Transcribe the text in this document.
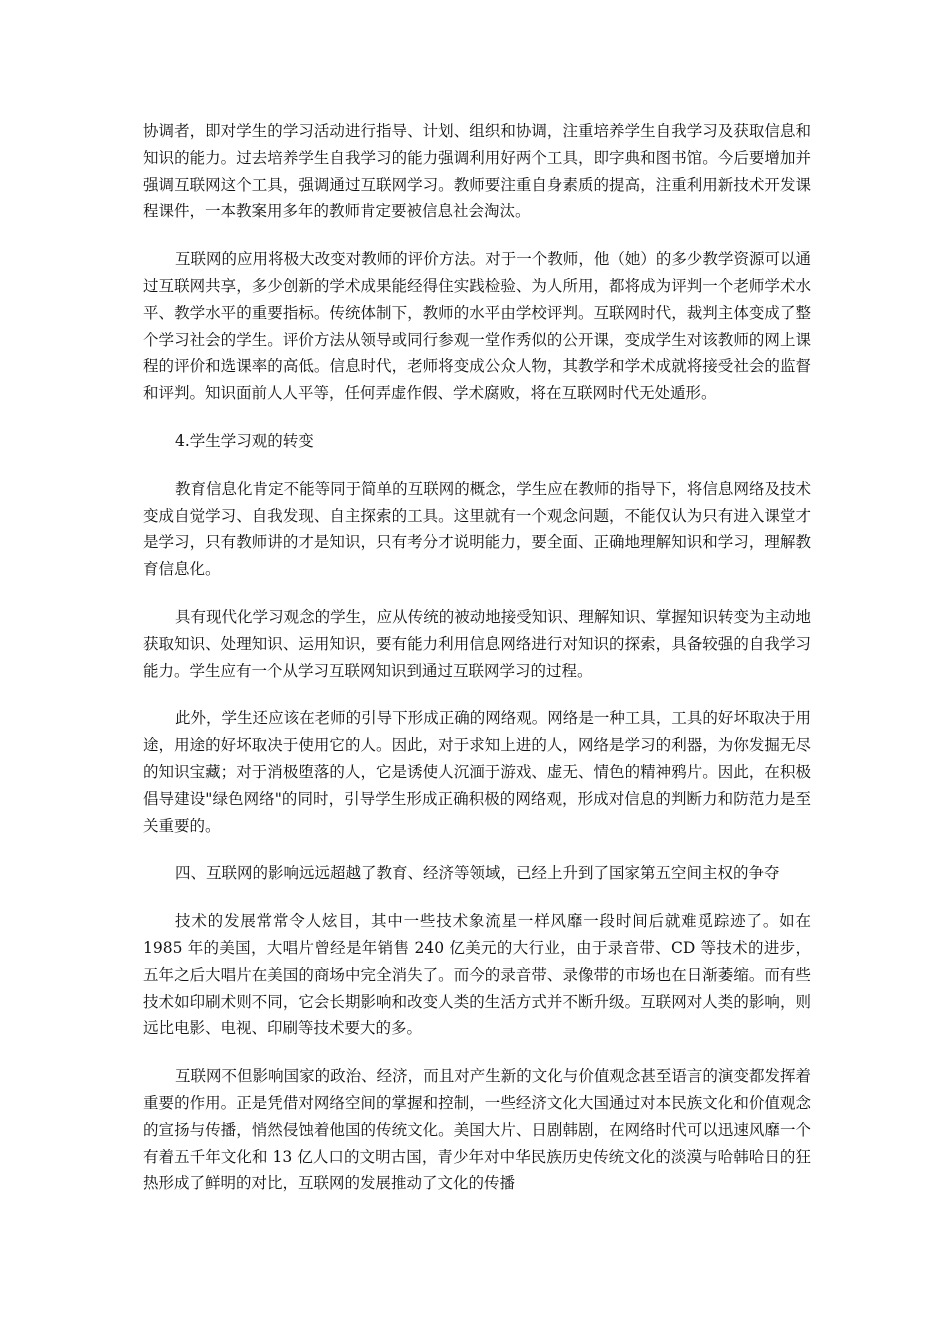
协调者，即对学生的学习活动进行指导、计划、组织和协调，注重培养学生自我学习及获取信息和知识的能力。过去培养学生自我学习的能力强调利用好两个工具，即字典和图书馆。今后要增加并强调互联网这个工具，强调通过互联网学习。教师要注重自身素质的提高，注重利用新技术开发课程课件，一本教案用多年的教师肯定要被信息社会淘汰。

互联网的应用将极大改变对教师的评价方法。对于一个教师，他（她）的多少教学资源可以通过互联网共享，多少创新的学术成果能经得住实践检验、为人所用，都将成为评判一个老师学术水平、教学水平的重要指标。传统体制下，教师的水平由学校评判。互联网时代，裁判主体变成了整个学习社会的学生。评价方法从领导或同行参观一堂作秀似的公开课，变成学生对该教师的网上课程的评价和选课率的高低。信息时代，老师将变成公众人物，其教学和学术成就将接受社会的监督和评判。知识面前人人平等，任何弄虚作假、学术腐败，将在互联网时代无处遁形。

4.学生学习观的转变

教育信息化肯定不能等同于简单的互联网的概念，学生应在教师的指导下，将信息网络及技术变成自觉学习、自我发现、自主探索的工具。这里就有一个观念问题，不能仅认为只有进入课堂才是学习，只有教师讲的才是知识，只有考分才说明能力，要全面、正确地理解知识和学习，理解教育信息化。

具有现代化学习观念的学生，应从传统的被动地接受知识、理解知识、掌握知识转变为主动地获取知识、处理知识、运用知识，要有能力利用信息网络进行对知识的探索，具备较强的自我学习能力。学生应有一个从学习互联网知识到通过互联网学习的过程。

此外，学生还应该在老师的引导下形成正确的网络观。网络是一种工具，工具的好坏取决于用途，用途的好坏取决于使用它的人。因此，对于求知上进的人，网络是学习的利器，为你发掘无尽的知识宝藏；对于消极堕落的人，它是诱使人沉湎于游戏、虚无、情色的精神鸦片。因此，在积极倡导建设"绿色网络"的同时，引导学生形成正确积极的网络观，形成对信息的判断力和防范力是至关重要的。

四、互联网的影响远远超越了教育、经济等领域，已经上升到了国家第五空间主权的争夺

技术的发展常常令人炫目，其中一些技术象流星一样风靡一段时间后就难觅踪迹了。如在 1985 年的美国，大唱片曾经是年销售 240 亿美元的大行业，由于录音带、CD 等技术的进步，五年之后大唱片在美国的商场中完全消失了。而今的录音带、录像带的市场也在日渐萎缩。而有些技术如印刷术则不同，它会长期影响和改变人类的生活方式并不断升级。互联网对人类的影响，则远比电影、电视、印刷等技术要大的多。

互联网不但影响国家的政治、经济，而且对产生新的文化与价值观念甚至语言的演变都发挥着重要的作用。正是凭借对网络空间的掌握和控制，一些经济文化大国通过对本民族文化和价值观念的宣扬与传播，悄然侵蚀着他国的传统文化。美国大片、日剧韩剧，在网络时代可以迅速风靡一个有着五千年文化和 13 亿人口的文明古国，青少年对中华民族历史传统文化的淡漠与哈韩哈日的狂热形成了鲜明的对比，互联网的发展推动了文化的传播
